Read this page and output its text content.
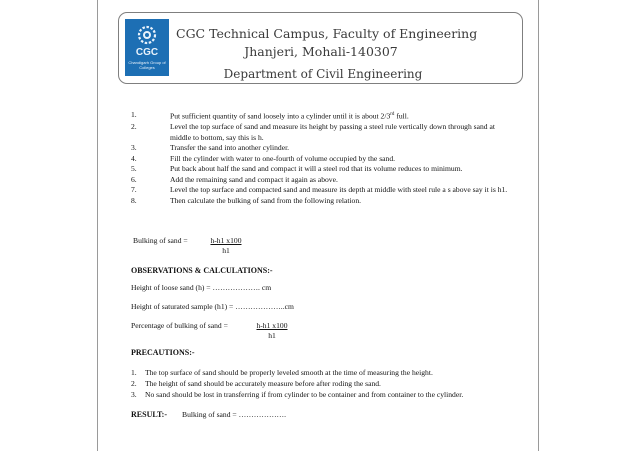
CGC
Chandigarh Group of Colleges
CGC Technical Campus, Faculty of Engineering
Jhanjeri, Mohali-140307
Department of Civil Engineering
1.	Put sufficient quantity of sand loosely into a cylinder until it is about 2/3rd full.
2.	Level the top surface of sand and measure its height by passing a steel rule vertically down through sand at middle to bottom, say this is h.
3.	Transfer the sand into another cylinder.
4.	Fill the cylinder with water to one-fourth of volume occupied by the sand.
5.	Put back about half the sand and compact it will a steel rod that its volume reduces to minimum.
6.	Add the remaining sand and compact it again as above.
7.	Level the top surface and compacted sand and measure its depth at middle with steel rule a s above say it is h1.
8.	Then calculate the bulking of sand from the following relation.
Bulking of sand = $\frac{h-h1 x100}{h1}$
OBSERVATIONS & CALCULATIONS:-
Height of loose sand (h) = ………………. cm
Height of saturated sample (h1) = ………………..cm
Percentage of bulking of sand =	$\frac{h-h1 x100}{h1}$
PRECAUTIONS:-
1. The top surface of sand should be properly leveled smooth at the time of measuring the height.
2. The height of sand should be accurately measure before after roding the sand.
3. No sand should be lost in transferring if from cylinder to be container and from container to the cylinder.
RESULT:- Bulking of sand = ……………….
